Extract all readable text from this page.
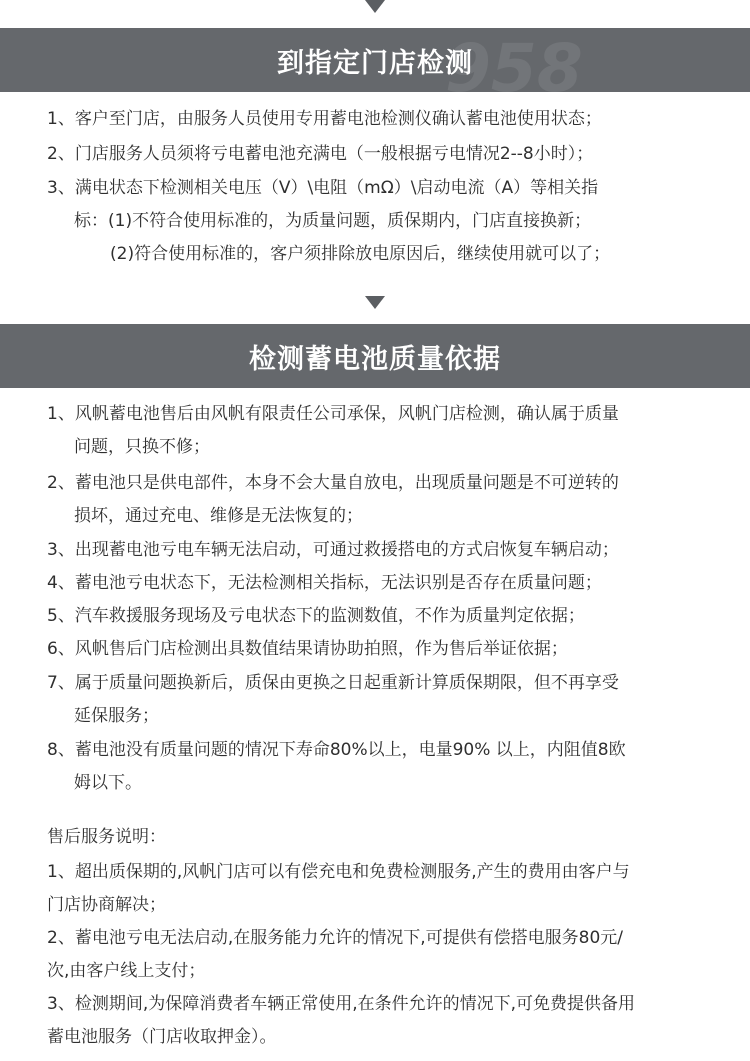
958
到指定门店检测
1、客户至门店，由服务人员使用专用蓄电池检测仪确认蓄电池使用状态；
2、门店服务人员须将亏电蓄电池充满电（一般根据亏电情况2--8小时）；
3、满电状态下检测相关电压（V）\电阻（mΩ）\启动电流（A）等相关指
标：(1)不符合使用标准的，为质量问题，质保期内，门店直接换新；
(2)符合使用标准的，客户须排除放电原因后，继续使用就可以了；
检测蓄电池质量依据
1、风帆蓄电池售后由风帆有限责任公司承保，风帆门店检测，确认属于质量
问题，只换不修；
2、蓄电池只是供电部件，本身不会大量自放电，出现质量问题是不可逆转的
损坏，通过充电、维修是无法恢复的；
3、出现蓄电池亏电车辆无法启动，可通过救援搭电的方式启恢复车辆启动；
4、蓄电池亏电状态下，无法检测相关指标，无法识别是否存在质量问题；
5、汽车救援服务现场及亏电状态下的监测数值，不作为质量判定依据；
6、风帆售后门店检测出具数值结果请协助拍照，作为售后举证依据；
7、属于质量问题换新后，质保由更换之日起重新计算质保期限，但不再享受
延保服务；
8、蓄电池没有质量问题的情况下寿命80%以上，电量90% 以上，内阻值8欧
姆以下。
售后服务说明：
1、超出质保期的,风帆门店可以有偿充电和免费检测服务,产生的费用由客户与
门店协商解决；
2、蓄电池亏电无法启动,在服务能力允许的情况下,可提供有偿搭电服务80元/
次,由客户线上支付；
3、检测期间,为保障消费者车辆正常使用,在条件允许的情况下,可免费提供备用
蓄电池服务（门店收取押金）。
